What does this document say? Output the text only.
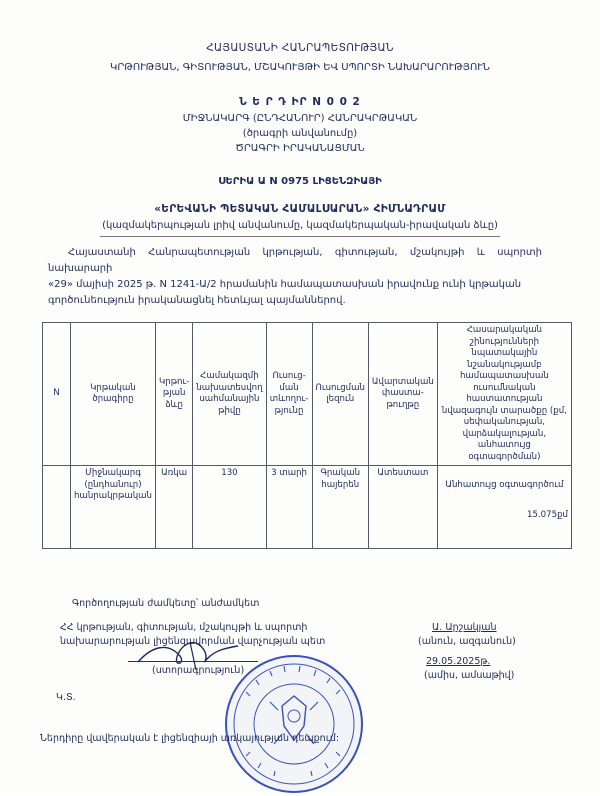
ՀԱՅԱՍՏԱՆԻ ՀԱՆՐԱՊԵՏՈՒԹՅԱՆ
ԿՐԹՈՒԹՅԱՆ, ԳԻՏՈՒԹՅԱՆ, ՄՇԱԿՈՒՅԹԻ ԵՎ ՍՊՈՐՏԻ ՆԱԽԱՐԱՐՈՒԹՅՈՒՆ
Ն Ե Ր Դ ԻՐ N 0 0 2
ՄԻՋՆԱԿԱՐԳ (ԸՆԴՀԱՆՈՒՐ) ՀԱՆՐԱԿՐԹԱԿԱՆ
(ծրագրի անվանումը)
ԾՐԱԳՐԻ ԻՐԱԿԱՆԱՑՄԱՆ
ՍԵՐԻԱ Ա N 0975 ԼԻՑԵՆԶԻԱՅԻ
«ԵՐԵՎԱՆԻ ՊԵՏԱԿԱՆ ՀԱՄԱԼՍԱՐԱՆ» ՀԻՄՆԱԴՐԱՄ
(կազմակերպության լրիվ անվանումը, կազմակերպական-իրավական ձևը)
Հայաստանի Հանրապետության կրթության, գիտության, մշակույթի և սպորտի նախարարի
«29» մայիսի 2025 թ. N 1241-Ա/2 հրամանին համապատասխան իրավունք ունի կրթական
գործունեություն իրականացնել հետևյալ պայմաններով.
N	Կրթական ծրագիրը	Կրթու-թյան ձևը	Համակազմի նախատեսվող սահմանային թիվը	Ուսուց-ման տևողու-թյունը	Ուսուցման լեզուն	Ավարտական փաստա-թուղթը	Հասարակական շինությունների նպատակային նշանակությամբ համապատասխան ուսումնական հաստատության նվազագույն տարածքը (քմ, սեփականության, վարձակալության, անհատույց օգտագործման)
	Միջնակարգ (ընդհանուր) հանրակրթական	Առկա	130	3 տարի	Գրական հայերեն	Ատեստատ	Անհատույց օգտագործում
15.075քմ
Գործողության ժամկետը՝ անժամկետ
ՀՀ կրթության, գիտության, մշակույթի և սպորտի
նախարարության լիցենզավորման վարչության պետ
Ա. Արշակյան
(անուն, ազգանուն)
(ստորագրություն)
29.05.2025թ.
(ամիս, ամսաթիվ)
Կ.Տ.
Ներդիրը վավերական է լիցենզիայի առկայության դեպքում:
